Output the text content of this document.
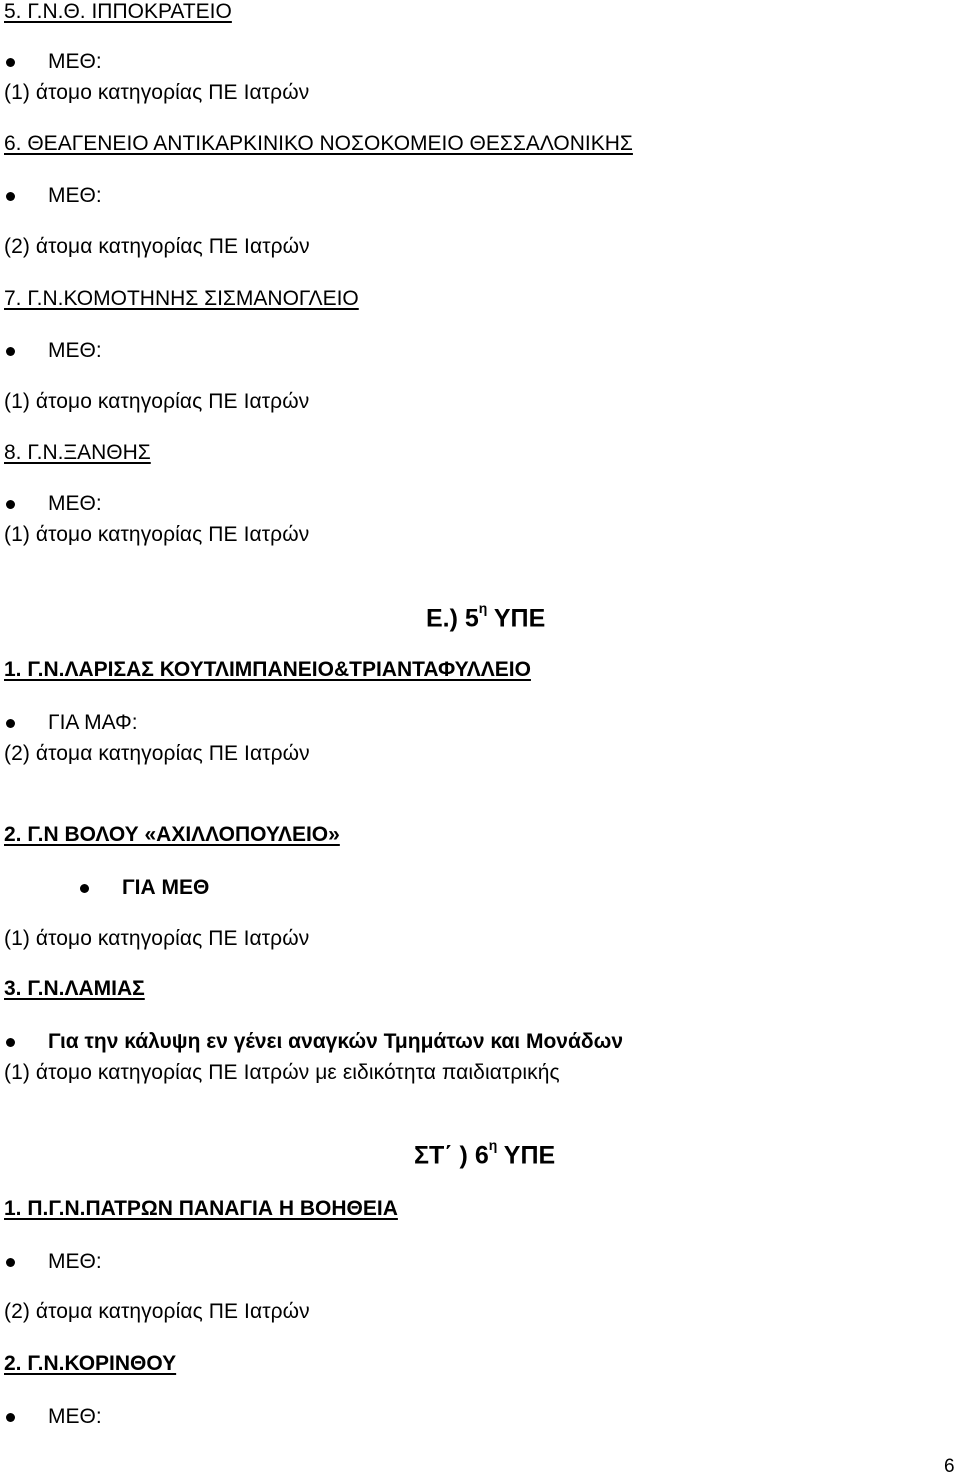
5. Γ.Ν.Θ. ΙΠΠΟΚΡΑΤΕΙΟ
ΜΕΘ:
(1) άτομο κατηγορίας ΠΕ Ιατρών
6. ΘΕΑΓΕΝΕΙΟ ΑΝΤΙΚΑΡΚΙΝΙΚΟ ΝΟΣΟΚΟΜΕΙΟ ΘΕΣΣΑΛΟΝΙΚΗΣ
ΜΕΘ:
(2) άτομα κατηγορίας ΠΕ Ιατρών
7. Γ.Ν.ΚΟΜΟΤΗΝΗΣ ΣΙΣΜΑΝΟΓΛΕΙΟ
ΜΕΘ:
(1) άτομο κατηγορίας ΠΕ Ιατρών
8. Γ.Ν.ΞΑΝΘΗΣ
ΜΕΘ:
(1) άτομο κατηγορίας ΠΕ Ιατρών
Ε.) $5^\eta$ ΥΠΕ
1. Γ.Ν.ΛΑΡΙΣΑΣ ΚΟΥΤΛΙΜΠΑΝΕΙΟ&ΤΡΙΑΝΤΑΦΥΛΛΕΙΟ
ΓΙΑ ΜΑΦ:
(2) άτομα κατηγορίας ΠΕ Ιατρών
2. Γ.Ν ΒΟΛΟΥ «ΑΧΙΛΛΟΠΟΥΛΕΙΟ»
ΓΙΑ ΜΕΘ
(1) άτομο κατηγορίας ΠΕ Ιατρών
3. Γ.Ν.ΛΑΜΙΑΣ
Για την κάλυψη εν γένει αναγκών Τμημάτων και Μονάδων
(1) άτομο κατηγορίας ΠΕ Ιατρών με ειδικότητα παιδιατρικής
ΣΤ΄ ) $6^\eta$ ΥΠΕ
1. Π.Γ.Ν.ΠΑΤΡΩΝ ΠΑΝΑΓΙΑ Η ΒΟΗΘΕΙΑ
ΜΕΘ:
(2) άτομα κατηγορίας ΠΕ Ιατρών
2. Γ.Ν.ΚΟΡΙΝΘΟΥ
ΜΕΘ:
6
